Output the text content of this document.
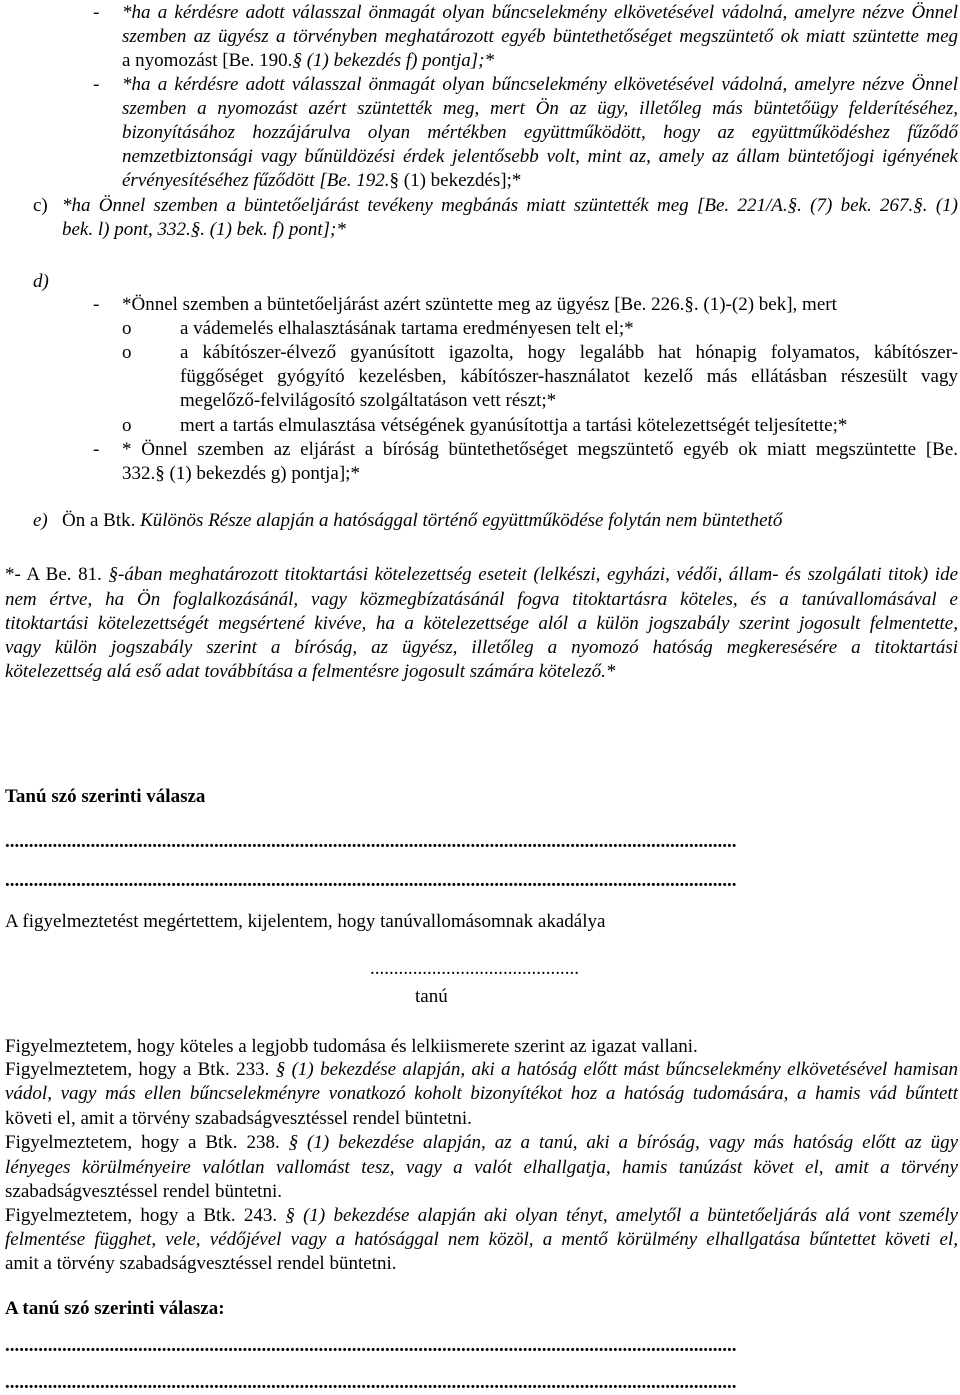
- *ha a kérdésre adott válasszal önmagát olyan bűncselekmény elkövetésével vádolná, amelyre nézve Önnel
szemben az ügyész a törvényben meghatározott egyéb büntethetőséget megszüntető ok miatt szüntette meg
a nyomozást [Be. 190.§ (1) bekezdés f) pontja];*
- *ha a kérdésre adott válasszal önmagát olyan bűncselekmény elkövetésével vádolná, amelyre nézve Önnel
szemben a nyomozást azért szüntették meg, mert Ön az ügy, illetőleg más büntetőügy felderítéséhez,
bizonyításához hozzájárulva olyan mértékben együttműködött, hogy az együttműködéshez fűződő
nemzetbiztonsági vagy bűnüldözési érdek jelentősebb volt, mint az, amely az állam büntetőjogi igényének
érvényesítéséhez fűződött [Be. 192.§ (1) bekezdés];*
c) *ha Önnel szemben a büntetőeljárást tevékeny megbánás miatt szüntették meg [Be. 221/A.§. (7) bek. 267.§. (1)
bek. l) pont, 332.§. (1) bek. f) pont];*
d)
- *Önnel szemben a büntetőeljárást azért szüntette meg az ügyész [Be. 226.§. (1)-(2) bek], mert
o	a vádemelés elhalasztásának tartama eredményesen telt el;*
o	a kábítószer-élvező gyanúsított igazolta, hogy legalább hat hónapig folyamatos, kábítószer-
függőséget gyógyító kezelésben, kábítószer-használatot kezelő más ellátásban részesült vagy
megelőző-felvilágosító szolgáltatáson vett részt;*
o	mert a tartás elmulasztása vétségének gyanúsítottja a tartási kötelezettségét teljesítette;*
- * Önnel szemben az eljárást a bíróság büntethetőséget megszüntető egyéb ok miatt megszüntette [Be.
332.§ (1) bekezdés g) pontja];*
e) Ön a Btk. Különös Része alapján a hatósággal történő együttműködése folytán nem büntethető
*- A Be. 81. §-ában meghatározott titoktartási kötelezettség eseteit (lelkészi, egyházi, védői, állam- és szolgálati titok) ide
nem értve, ha Ön foglalkozásánál, vagy közmegbízatásánál fogva titoktartásra köteles, és a tanúvallomásával e
titoktartási kötelezettségét megsértené kivéve, ha a kötelezettsége alól a külön jogszabály szerint jogosult felmentette,
vagy külön jogszabály szerint a bíróság, az ügyész, illetőleg a nyomozó hatóság megkeresésére a titoktartási
kötelezettség alá eső adat továbbítása a felmentésre jogosult számára kötelező.*
Tanú szó szerinti válasza
..........................................................................................................................................................
..........................................................................................................................................................
A figyelmeztetést megértettem, kijelentem, hogy tanúvallomásomnak akadálya
............................................
tanú
Figyelmeztetem, hogy köteles a legjobb tudomása és lelkiismerete szerint az igazat vallani.
Figyelmeztetem, hogy a Btk. 233. § (1) bekezdése alapján, aki a hatóság előtt mást bűncselekmény elkövetésével hamisan
vádol, vagy más ellen bűncselekményre vonatkozó koholt bizonyítékot hoz a hatóság tudomására, a hamis vád bűntett
követi el, amit a törvény szabadságvesztéssel rendel büntetni.
Figyelmeztetem, hogy a Btk. 238. § (1) bekezdése alapján, az a tanú, aki a bíróság, vagy más hatóság előtt az ügy
lényeges körülményeire valótlan vallomást tesz, vagy a valót elhallgatja, hamis tanúzást követ el, amit a törvény
szabadságvesztéssel rendel büntetni.
Figyelmeztetem, hogy a Btk. 243. § (1) bekezdése alapján aki olyan tényt, amelytől a büntetőeljárás alá vont személy
felmentése függhet, vele, védőjével vagy a hatósággal nem közöl, a mentő körülmény elhallgatása bűntettet követi el,
amit a törvény szabadságvesztéssel rendel büntetni.
A tanú szó szerinti válasza:
..........................................................................................................................................................
..........................................................................................................................................................
